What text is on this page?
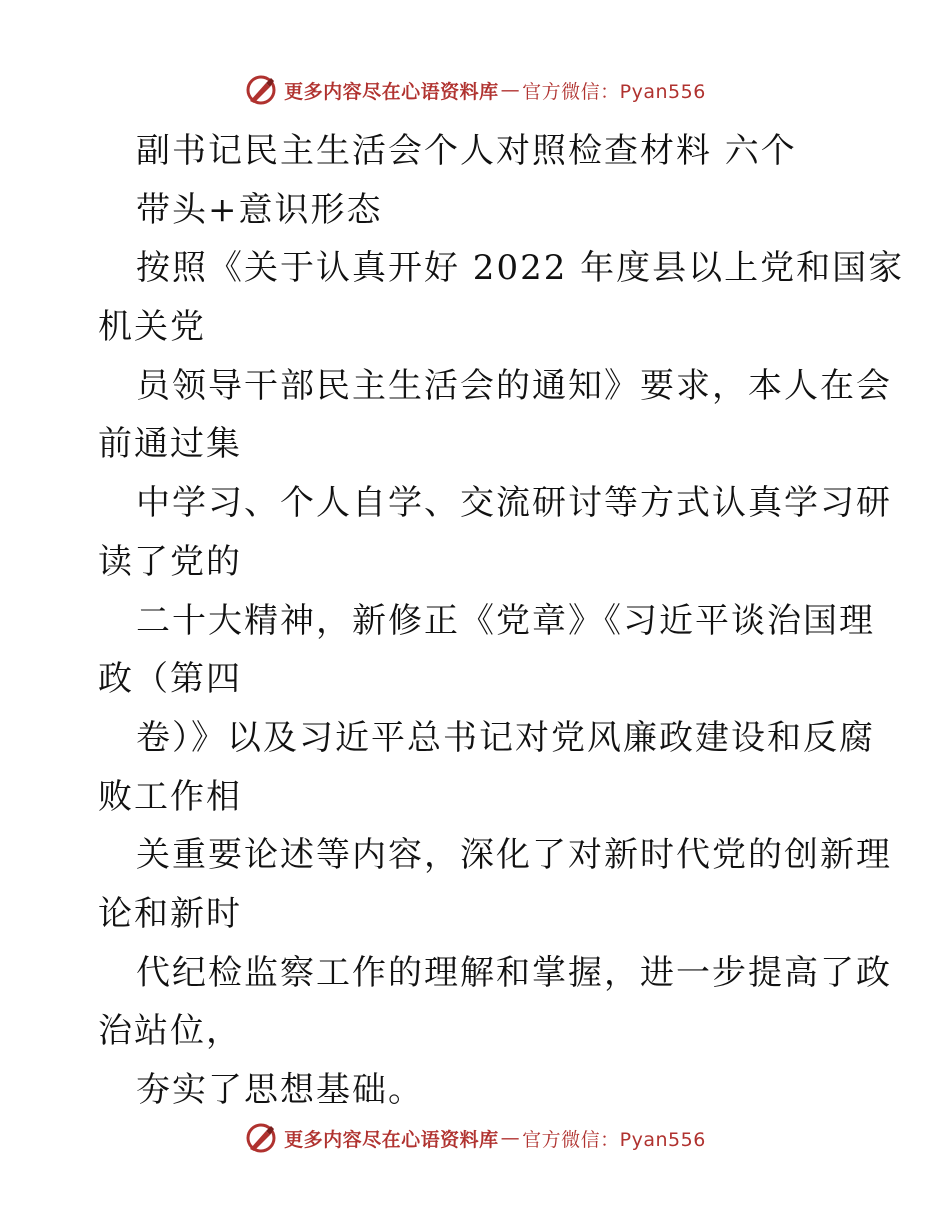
更多内容尽在心语资料库 — 官方微信：Pyan556
副书记民主生活会个人对照检查材料 六个
带头+意识形态
按照《关于认真开好 2022 年度县以上党和国家
机关党
员领导干部民主生活会的通知》要求，本人在会
前通过集
中学习、个人自学、交流研讨等方式认真学习研
读了党的
二十大精神，新修正《党章》《习近平谈治国理
政（第四
卷）》以及习近平总书记对党风廉政建设和反腐
败工作相
关重要论述等内容，深化了对新时代党的创新理
论和新时
代纪检监察工作的理解和掌握，进一步提高了政
治站位，
夯实了思想基础。
更多内容尽在心语资料库 — 官方微信：Pyan556
